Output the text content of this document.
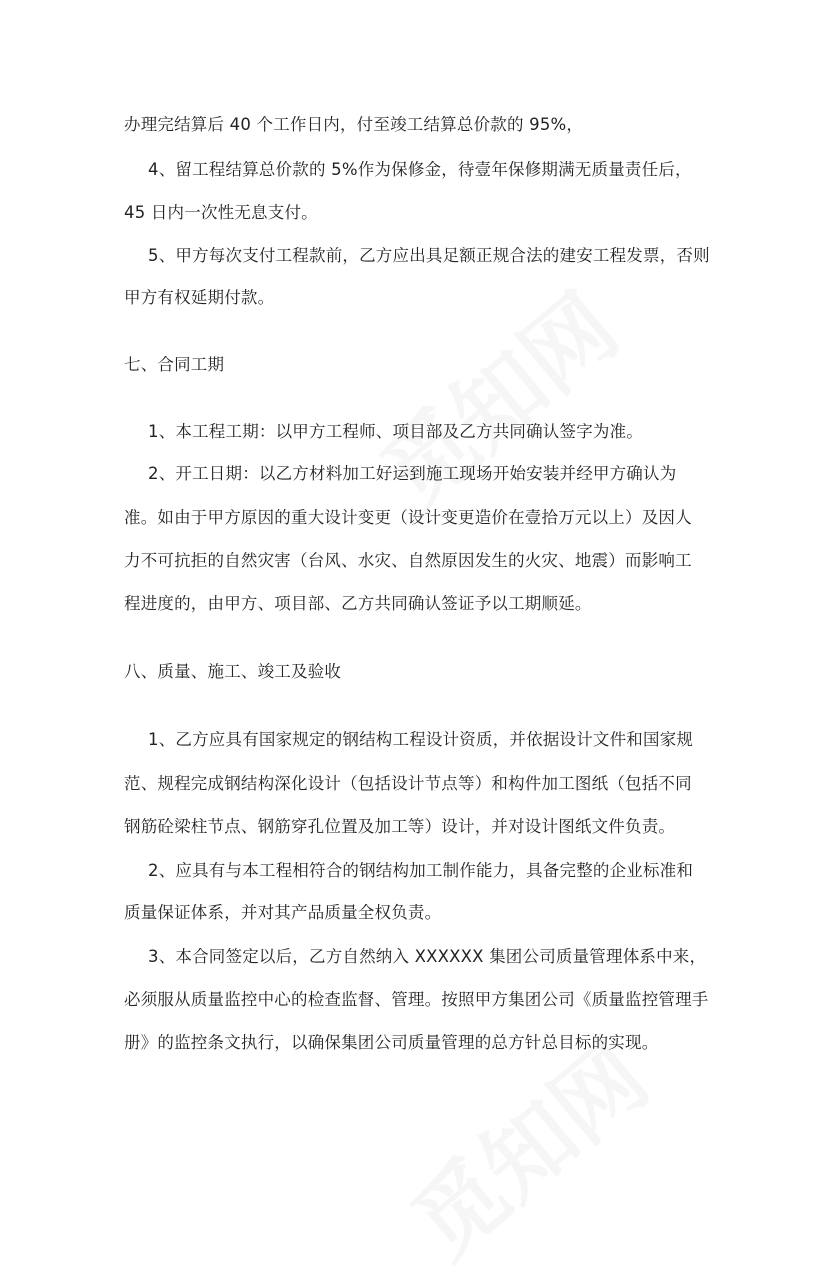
办理完结算后 40 个工作日内，付至竣工结算总价款的 95%，
4、留工程结算总价款的 5%作为保修金，待壹年保修期满无质量责任后，
45 日内一次性无息支付。
5、甲方每次支付工程款前，乙方应出具足额正规合法的建安工程发票，否则
甲方有权延期付款。
七、合同工期
1、本工程工期：以甲方工程师、项目部及乙方共同确认签字为准。
2、开工日期：以乙方材料加工好运到施工现场开始安装并经甲方确认为
准。如由于甲方原因的重大设计变更（设计变更造价在壹拾万元以上）及因人
力不可抗拒的自然灾害（台风、水灾、自然原因发生的火灾、地震）而影响工
程进度的，由甲方、项目部、乙方共同确认签证予以工期顺延。
八、质量、施工、竣工及验收
1、乙方应具有国家规定的钢结构工程设计资质，并依据设计文件和国家规
范、规程完成钢结构深化设计（包括设计节点等）和构件加工图纸（包括不同
钢筋砼梁柱节点、钢筋穿孔位置及加工等）设计，并对设计图纸文件负责。
2、应具有与本工程相符合的钢结构加工制作能力，具备完整的企业标准和
质量保证体系，并对其产品质量全权负责。
3、本合同签定以后，乙方自然纳入 XXXXXX 集团公司质量管理体系中来，
必须服从质量监控中心的检查监督、管理。按照甲方集团公司《质量监控管理手
册》的监控条文执行，以确保集团公司质量管理的总方针总目标的实现。
